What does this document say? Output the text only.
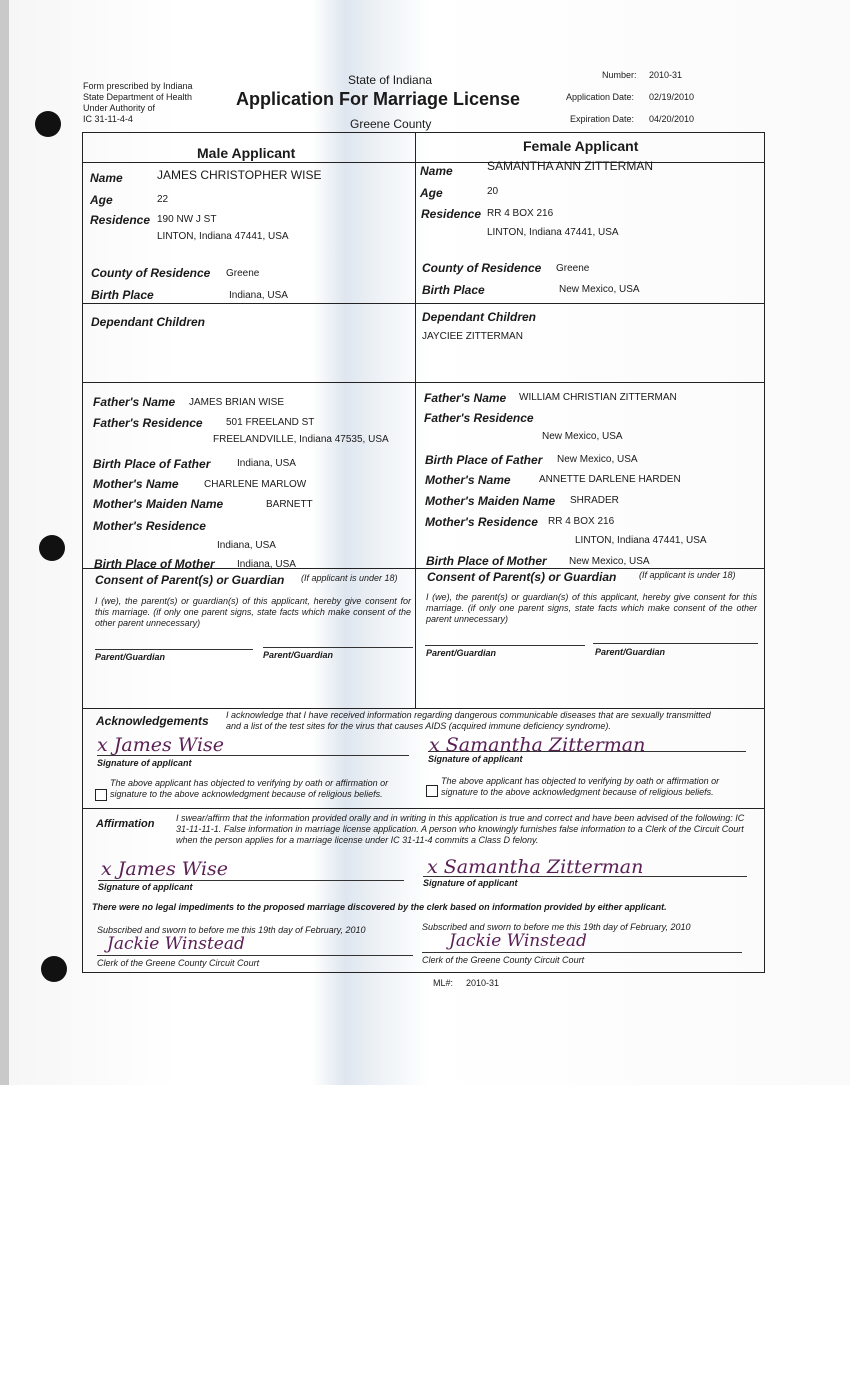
Form prescribed by Indiana
State Department of Health
Under Authority of
IC 31-11-4-4
State of Indiana
Application For Marriage License
Greene County
Number: 2010-31
Application Date: 02/19/2010
Expiration Date: 04/20/2010
Male Applicant	Female Applicant
Name	JAMES CHRISTOPHER WISE
Age	22
Residence 190 NW J ST
LINTON, Indiana 47441, USA
County of Residence Greene
Birth Place	Indiana, USA
Dependant Children
Father's Name JAMES BRIAN WISE
Father's Residence 501 FREELAND ST
FREELANDVILLE, Indiana 47535, USA
Birth Place of Father	Indiana, USA
Mother's Name	CHARLENE MARLOW
Mother's Maiden Name	BARNETT
Mother's Residence
Indiana, USA
Birth Place of Mother Indiana, USA
Name	SAMANTHA ANN ZITTERMAN
Age	20
Residence RR 4 BOX 216
LINTON, Indiana 47441, USA
County of Residence Greene
Birth Place	New Mexico, USA
Dependant Children
JAYCIEE ZITTERMAN
Father's Name WILLIAM CHRISTIAN ZITTERMAN
Father's Residence
New Mexico, USA
Birth Place of Father New Mexico, USA
Mother's Name	ANNETTE DARLENE HARDEN
Mother's Maiden Name SHRADER
Mother's Residence RR 4 BOX 216
LINTON, Indiana 47441, USA
Birth Place of Mother New Mexico, USA
Consent of Parent(s) or Guardian (If applicant is under 18)
I (we), the parent(s) or guardian(s) of this applicant, hereby give consent for this marriage. (if only one parent signs, state facts which make consent of the other parent unnecessary)
Parent/Guardian	Parent/Guardian
Consent of Parent(s) or Guardian	(If applicant is under 18)
I (we), the parent(s) or guardian(s) of this applicant, hereby give consent for this marriage. (if only one parent signs, state facts which make consent of the other parent unnecessary)
Parent/Guardian	Parent/Guardian
Acknowledgements I acknowledge that I have received information regarding dangerous communicable diseases that are sexually transmitted and a list of the test sites for the virus that causes AIDS (acquired immune deficiency syndrome).
x James Wise
Signature of applicant
x Samantha Zitterman
Signature of applicant
The above applicant has objected to verifying by oath or affirmation or signature to the above acknowledgment because of religious beliefs.
The above applicant has objected to verifying by oath or affirmation or signature to the above acknowledgment because of religious beliefs.
Affirmation I swear/affirm that the information provided orally and in writing in this application is true and correct and have been advised of the following: IC 31-11-11-1. False information in marriage license application. A person who knowingly furnishes false information to a Clerk of the Circuit Court when the person applies for a marriage license under IC 31-11-4 commits a Class D felony.
x James Wise
Signature of applicant
x Samantha Zitterman
Signature of applicant
There were no legal impediments to the proposed marriage discovered by the clerk based on information provided by either applicant.
Subscribed and sworn to before me this 19th day of February, 2010
Jackie Winstead
Clerk of the Greene County Circuit Court
Subscribed and sworn to before me this 19th day of February, 2010
Jackie Winstead
Clerk of the Greene County Circuit Court
ML#: 2010-31
